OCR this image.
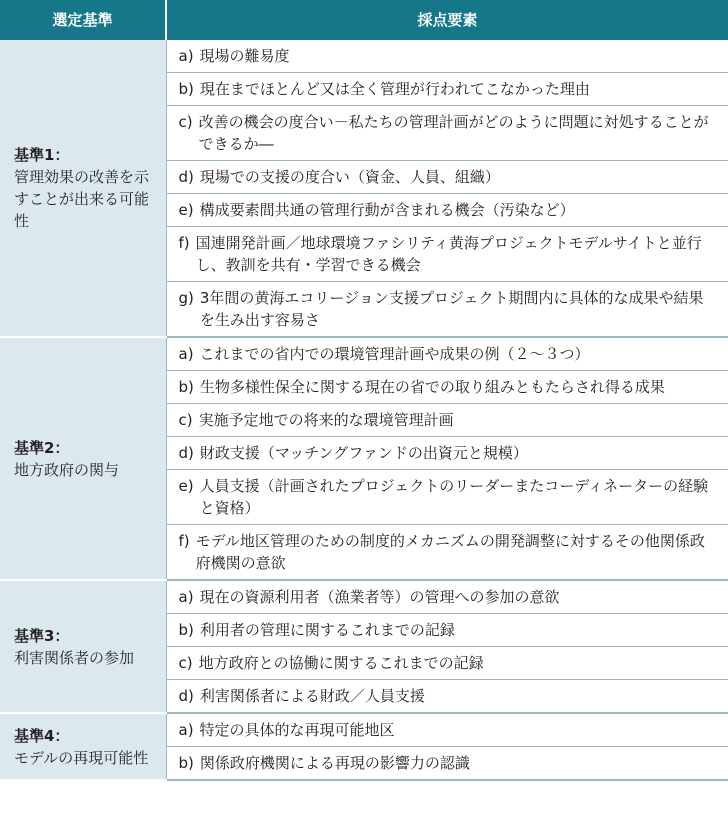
選定基準	採点要素

基準1：
管理効果の改善を示すことが出来る可能性	a) 現場の難易度

	b) 現在までほとんど又は全く管理が行われてこなかった理由

	c) 改善の機会の度合い－私たちの管理計画がどのように問題に対処することができるか―

	d) 現場での支援の度合い（資金、人員、組織）

	e) 構成要素間共通の管理行動が含まれる機会（汚染など）

	f) 国連開発計画／地球環境ファシリティ黄海プロジェクトモデルサイトと並行し、教訓を共有・学習できる機会

	g) 3年間の黄海エコリージョン支援プロジェクト期間内に具体的な成果や結果を生み出す容易さ

基準2：
地方政府の関与	a) これまでの省内での環境管理計画や成果の例（２～３つ）

	b) 生物多様性保全に関する現在の省での取り組みともたらされ得る成果

	c) 実施予定地での将来的な環境管理計画

	d) 財政支援（マッチングファンドの出資元と規模）

	e) 人員支援（計画されたプロジェクトのリーダーまたコーディネーターの経験と資格）

	f) モデル地区管理のための制度的メカニズムの開発調整に対するその他関係政府機関の意欲

基準3：
利害関係者の参加	a) 現在の資源利用者（漁業者等）の管理への参加の意欲

	b) 利用者の管理に関するこれまでの記録

	c) 地方政府との協働に関するこれまでの記録

	d) 利害関係者による財政／人員支援

基準4：
モデルの再現可能性	a) 特定の具体的な再現可能地区

	b) 関係政府機関による再現の影響力の認識
